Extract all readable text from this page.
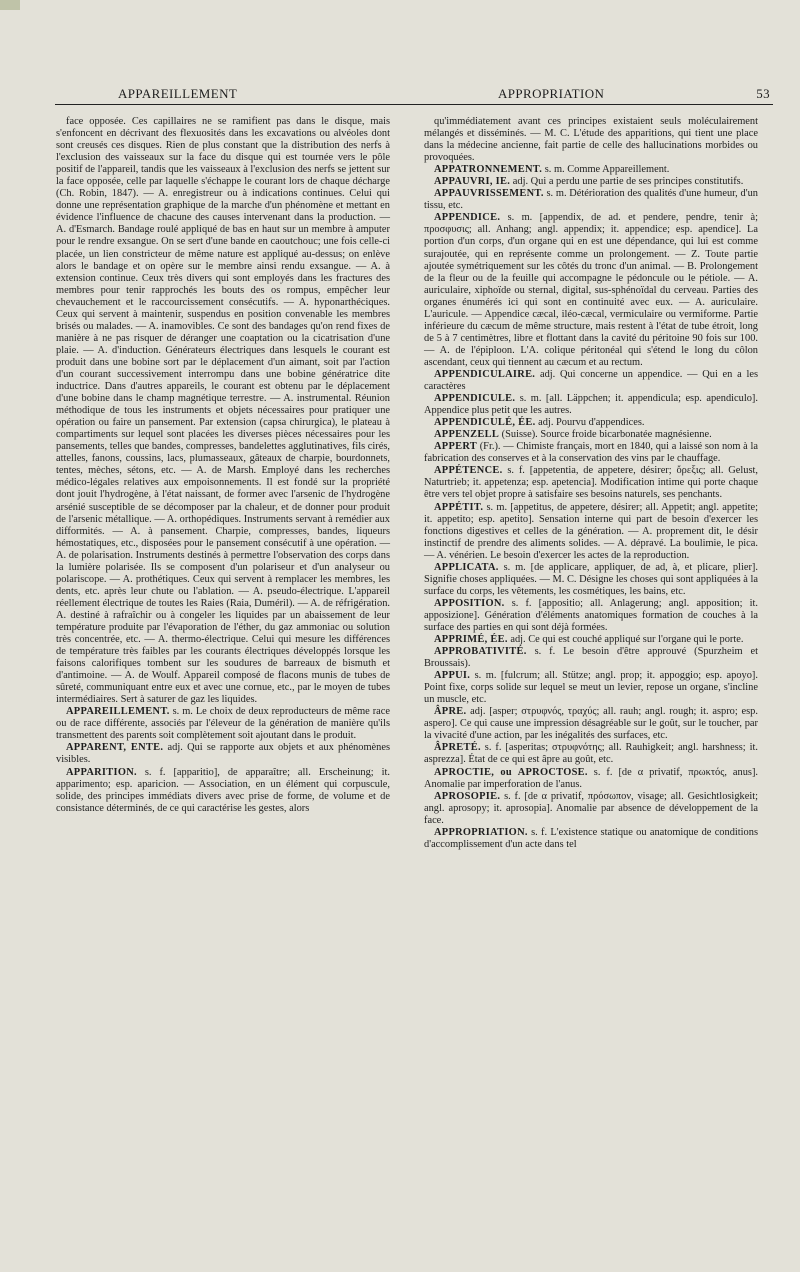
APPAREILLEMENT	APPROPRIATION	53

face opposée. Ces capillaires ne se ramifient pas dans le disque, mais s'enfoncent en décrivant des flexuosités dans les excavations ou alvéoles dont sont creusés ces disques. Rien de plus constant que la distribution des nerfs à l'exclusion des vaisseaux sur la face du disque qui est tournée vers le pôle positif de l'appareil, tandis que les vaisseaux à l'exclusion des nerfs se jettent sur la face opposée, celle par laquelle s'échappe le courant lors de chaque décharge (Ch. Robin, 1847). — A. enregistreur ou à indications continues. Celui qui donne une représentation graphique de la marche d'un phénomène et mettant en évidence l'influence de chacune des causes intervenant dans la production. — A. d'Esmarch. Bandage roulé appliqué de bas en haut sur un membre à amputer pour le rendre exsangue. On se sert d'une bande en caoutchouc; une fois celle-ci placée, un lien constricteur de même nature est appliqué au-dessus; on enlève alors le bandage et on opère sur le membre ainsi rendu exsangue. — A. à extension continue. Ceux très divers qui sont employés dans les fractures des membres pour tenir rapprochés les bouts des os rompus, empêcher leur chevauchement et le raccourcissement consécutifs. — A. hyponarthéciques. Ceux qui servent à maintenir, suspendus en position convenable les membres brisés ou malades. — A. inamovibles. Ce sont des bandages qu'on rend fixes de manière à ne pas risquer de déranger une coaptation ou la cicatrisation d'une plaie. — A. d'induction. Générateurs électriques dans lesquels le courant est produit dans une bobine sort par le déplacement d'un aimant, soit par l'action d'un courant successivement interrompu dans une bobine génératrice dite inductrice. Dans d'autres appareils, le courant est obtenu par le déplacement d'une bobine dans le champ magnétique terrestre. — A. instrumental. Réunion méthodique de tous les instruments et objets nécessaires pour pratiquer une opération ou faire un pansement. Par extension (capsa chirurgica), le plateau à compartiments sur lequel sont placées les diverses pièces nécessaires pour les pansements, telles que bandes, compresses, bandelettes agglutinatives, fils cirés, attelles, fanons, coussins, lacs, plumasseaux, gâteaux de charpie, bourdonnets, tentes, mèches, sétons, etc. — A. de Marsh. Employé dans les recherches médico-légales relatives aux empoisonnements. Il est fondé sur la propriété dont jouit l'hydrogène, à l'état naissant, de former avec l'arsenic de l'hydrogène arsénié susceptible de se décomposer par la chaleur, et de donner pour produit de l'arsenic métallique. — A. orthopédiques. Instruments servant à remédier aux difformités. — A. à pansement. Charpie, compresses, bandes, liqueurs hémostatiques, etc., disposées pour le pansement consécutif à une opération. — A. de polarisation. Instruments destinés à permettre l'observation des corps dans la lumière polarisée. Ils se composent d'un polariseur et d'un analyseur ou polariscope. — A. prothétiques. Ceux qui servent à remplacer les membres, les dents, etc. après leur chute ou l'ablation. — A. pseudo-électrique. L'appareil réellement électrique de toutes les Raies (Raia, Duméril). — A. de réfrigération. A. destiné à rafraîchir ou à congeler les liquides par un abaissement de leur température produite par l'évaporation de l'éther, du gaz ammoniac ou solution très concentrée, etc. — A. thermo-électrique. Celui qui mesure les différences de température très faibles par les courants électriques développés lorsque les faisons calorifiques tombent sur les soudures de barreaux de bismuth et d'antimoine. — A. de Woulf. Appareil composé de flacons munis de tubes de sûreté, communiquant entre eux et avec une cornue, etc., par le moyen de tubes intermédiaires. Sert à saturer de gaz les liquides.

APPAREILLEMENT. s. m. Le choix de deux reproducteurs de même race ou de race différente, associés par l'éleveur de la génération de manière qu'ils transmettent des parents soit complètement soit ajoutant dans le produit.

APPARENT, ENTE. adj. Qui se rapporte aux objets et aux phénomènes visibles.

APPARITION. s. f. [apparitio], de apparaître; all. Erscheinung; it. apparimento; esp. aparicion. — Association, en un élément qui corpuscule, solide, des principes immédiats divers avec prise de forme, de volume et de consistance déterminés, de ce qui caractérise les gestes, alors

qu'immédiatement avant ces principes existaient seuls moléculairement mélangés et disséminés. — M. C. L'étude des apparitions, qui tient une place dans la médecine ancienne, fait partie de celle des hallucinations morbides ou provoquées.

APPATRONNEMENT. s. m. Comme Appareillement.

APPAUVRI, IE. adj. Qui a perdu une partie de ses principes constitutifs.

APPAUVRISSEMENT. s. m. Détérioration des qualités d'une humeur, d'un tissu, etc.

APPENDICE. s. m. [appendix, de ad. et pendere, pendre, tenir à; προσφυσις; all. Anhang; angl. appendix; it. appendice; esp. apendice]. La portion d'un corps, d'un organe qui en est une dépendance, qui lui est comme surajoutée, qui en représente comme un prolongement. — Z. Toute partie ajoutée symétriquement sur les côtés du tronc d'un animal. — B. Prolongement de la fleur ou de la feuille qui accompagne le pédoncule ou le pétiole. — A. auriculaire, xiphoïde ou sternal, digital, sus-sphénoïdal du cerveau. Parties des organes énumérés ici qui sont en continuité avec eux. — A. auriculaire. L'auricule. — Appendice cæcal, iléo-cæcal, vermiculaire ou vermiforme. Partie inférieure du cæcum de même structure, mais restent à l'état de tube étroit, long de 5 à 7 centimètres, libre et flottant dans la cavité du péritoine 90 fois sur 100. — A. de l'épiploon. L'A. colique péritonéal qui s'étend le long du côlon ascendant, ceux qui tiennent au cæcum et au rectum.

APPENDICULAIRE. adj. Qui concerne un appendice. — Qui en a les caractères

APPENDICULE. s. m. [all. Läppchen; it. appendicula; esp. apendiculo]. Appendice plus petit que les autres.

APPENDICULÉ, ÉE. adj. Pourvu d'appendices.

APPENZELL (Suisse). Source froide bicarbonatée magnésienne.

APPERT (Fr.). — Chimiste français, mort en 1840, qui a laissé son nom à la fabrication des conserves et à la conservation des vins par le chauffage.

APPÉTENCE. s. f. [appetentia, de appetere, désirer; ὄρεξις; all. Gelust, Naturtrieb; it. appetenza; esp. apetencia]. Modification intime qui porte chaque être vers tel objet propre à satisfaire ses besoins naturels, ses penchants.

APPÉTIT. s. m. [appetitus, de appetere, désirer; all. Appetit; angl. appetite; it. appetito; esp. apetito]. Sensation interne qui part de besoin d'exercer les fonctions digestives et celles de la génération. — A. proprement dit, le désir instinctif de prendre des aliments solides. — A. dépravé. La boulimie, le pica. — A. vénérien. Le besoin d'exercer les actes de la reproduction.

APPLICATA. s. m. [de applicare, appliquer, de ad, à, et plicare, plier]. Signifie choses appliquées. — M. C. Désigne les choses qui sont appliquées à la surface du corps, les vêtements, les cosmétiques, les bains, etc.

APPOSITION. s. f. [appositio; all. Anlagerung; angl. apposition; it. apposizione]. Génération d'éléments anatomiques formation de couches à la surface des parties en qui sont déjà formées.

APPRIMÉ, ÉE. adj. Ce qui est couché appliqué sur l'organe qui le porte.

APPROBATIVITÉ. s. f. Le besoin d'être approuvé (Spurzheim et Broussais).

APPUI. s. m. [fulcrum; all. Stütze; angl. prop; it. appoggio; esp. apoyo]. Point fixe, corps solide sur lequel se meut un levier, repose un organe, s'incline un muscle, etc.

ÂPRE. adj. [asper; στρυφνός, τραχύς; all. rauh; angl. rough; it. aspro; esp. aspero]. Ce qui cause une impression désagréable sur le goût, sur le toucher, par la vivacité d'une action, par les inégalités des surfaces, etc.

ÂPRETÉ. s. f. [asperitas; στρυφνότης; all. Rauhigkeit; angl. harshness; it. asprezza]. État de ce qui est âpre au goût, etc.

APROCTIE, ou APROCTOSE. s. f. [de α privatif, πρωκτός, anus]. Anomalie par imperforation de l'anus.

APROSOPIE. s. f. [de α privatif, πρόσωπον, visage; all. Gesichtlosigkeit; angl. aprosopy; it. aprosopia]. Anomalie par absence de développement de la face.

APPROPRIATION. s. f. L'existence statique ou anatomique de conditions d'accomplissement d'un acte dans tel
